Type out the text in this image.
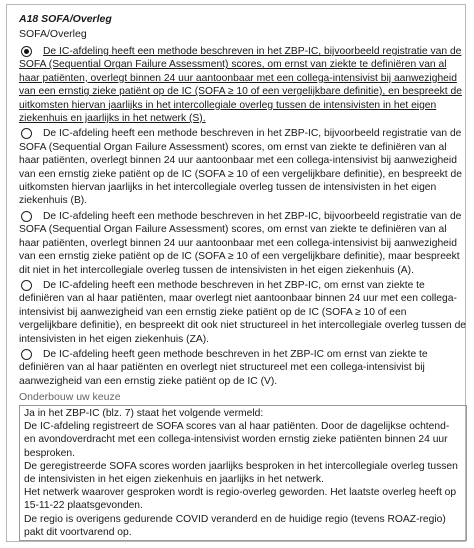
A18 SOFA/Overleg
SOFA/Overleg
De IC-afdeling heeft een methode beschreven in het ZBP-IC, bijvoorbeeld registratie van de SOFA (Sequential Organ Failure Assessment) scores, om ernst van ziekte te definiëren van al haar patiënten, overlegt binnen 24 uur aantoonbaar met een collega-intensivist bij aanwezigheid van een ernstig zieke patiënt op de IC (SOFA ≥ 10 of een vergelijkbare definitie), en bespreekt de uitkomsten hiervan jaarlijks in het intercollegiale overleg tussen de intensivisten in het eigen ziekenhuis en jaarlijks in het netwerk (S).
De IC-afdeling heeft een methode beschreven in het ZBP-IC, bijvoorbeeld registratie van de SOFA (Sequential Organ Failure Assessment) scores, om ernst van ziekte te definiëren van al haar patiënten, overlegt binnen 24 uur aantoonbaar met een collega-intensivist bij aanwezigheid van een ernstig zieke patiënt op de IC (SOFA ≥ 10 of een vergelijkbare definitie), en bespreekt de uitkomsten hiervan jaarlijks in het intercollegiale overleg tussen de intensivisten in het eigen ziekenhuis (B).
De IC-afdeling heeft een methode beschreven in het ZBP-IC, bijvoorbeeld registratie van de SOFA (Sequential Organ Failure Assessment) scores, om ernst van ziekte te definiëren van al haar patiënten, overlegt binnen 24 uur aantoonbaar met een collega-intensivist bij aanwezigheid van een ernstig zieke patiënt op de IC (SOFA ≥ 10 of een vergelijkbare definitie), maar bespreekt dit niet in het intercollegiale overleg tussen de intensivisten in het eigen ziekenhuis (A).
De IC-afdeling heeft een methode beschreven in het ZBP-IC, om ernst van ziekte te definiëren van al haar patiënten, maar overlegt niet aantoonbaar binnen 24 uur met een collega-intensivist bij aanwezigheid van een ernstig zieke patiënt op de IC (SOFA ≥ 10 of een vergelijkbare definitie), en bespreekt dit ook niet structureel in het intercollegiale overleg tussen de intensivisten in het eigen ziekenhuis (ZA).
De IC-afdeling heeft geen methode beschreven in het ZBP-IC om ernst van ziekte te definiëren van al haar patiënten en overlegt niet structureel met een collega-intensivist bij aanwezigheid van een ernstig zieke patiënt op de IC (V).
Onderbouw uw keuze

Ja in het ZBP-IC (blz. 7) staat het volgende vermeld:

De IC-afdeling registreert de SOFA scores van al haar patiënten. Door de dagelijkse ochtend- en avondoverdracht met een collega-intensivist worden ernstig zieke patiënten binnen 24 uur besproken.

De geregistreerde SOFA scores worden jaarlijks besproken in het intercollegiale overleg tussen de intensivisten in het eigen ziekenhuis en jaarlijks in het netwerk.

Het netwerk waarover gesproken wordt is regio-overleg geworden. Het laatste overleg heeft op 15-11-22 plaatsgevonden.

De regio is overigens gedurende COVID veranderd en de huidige regio (tevens ROAZ-regio) pakt dit voortvarend op.
